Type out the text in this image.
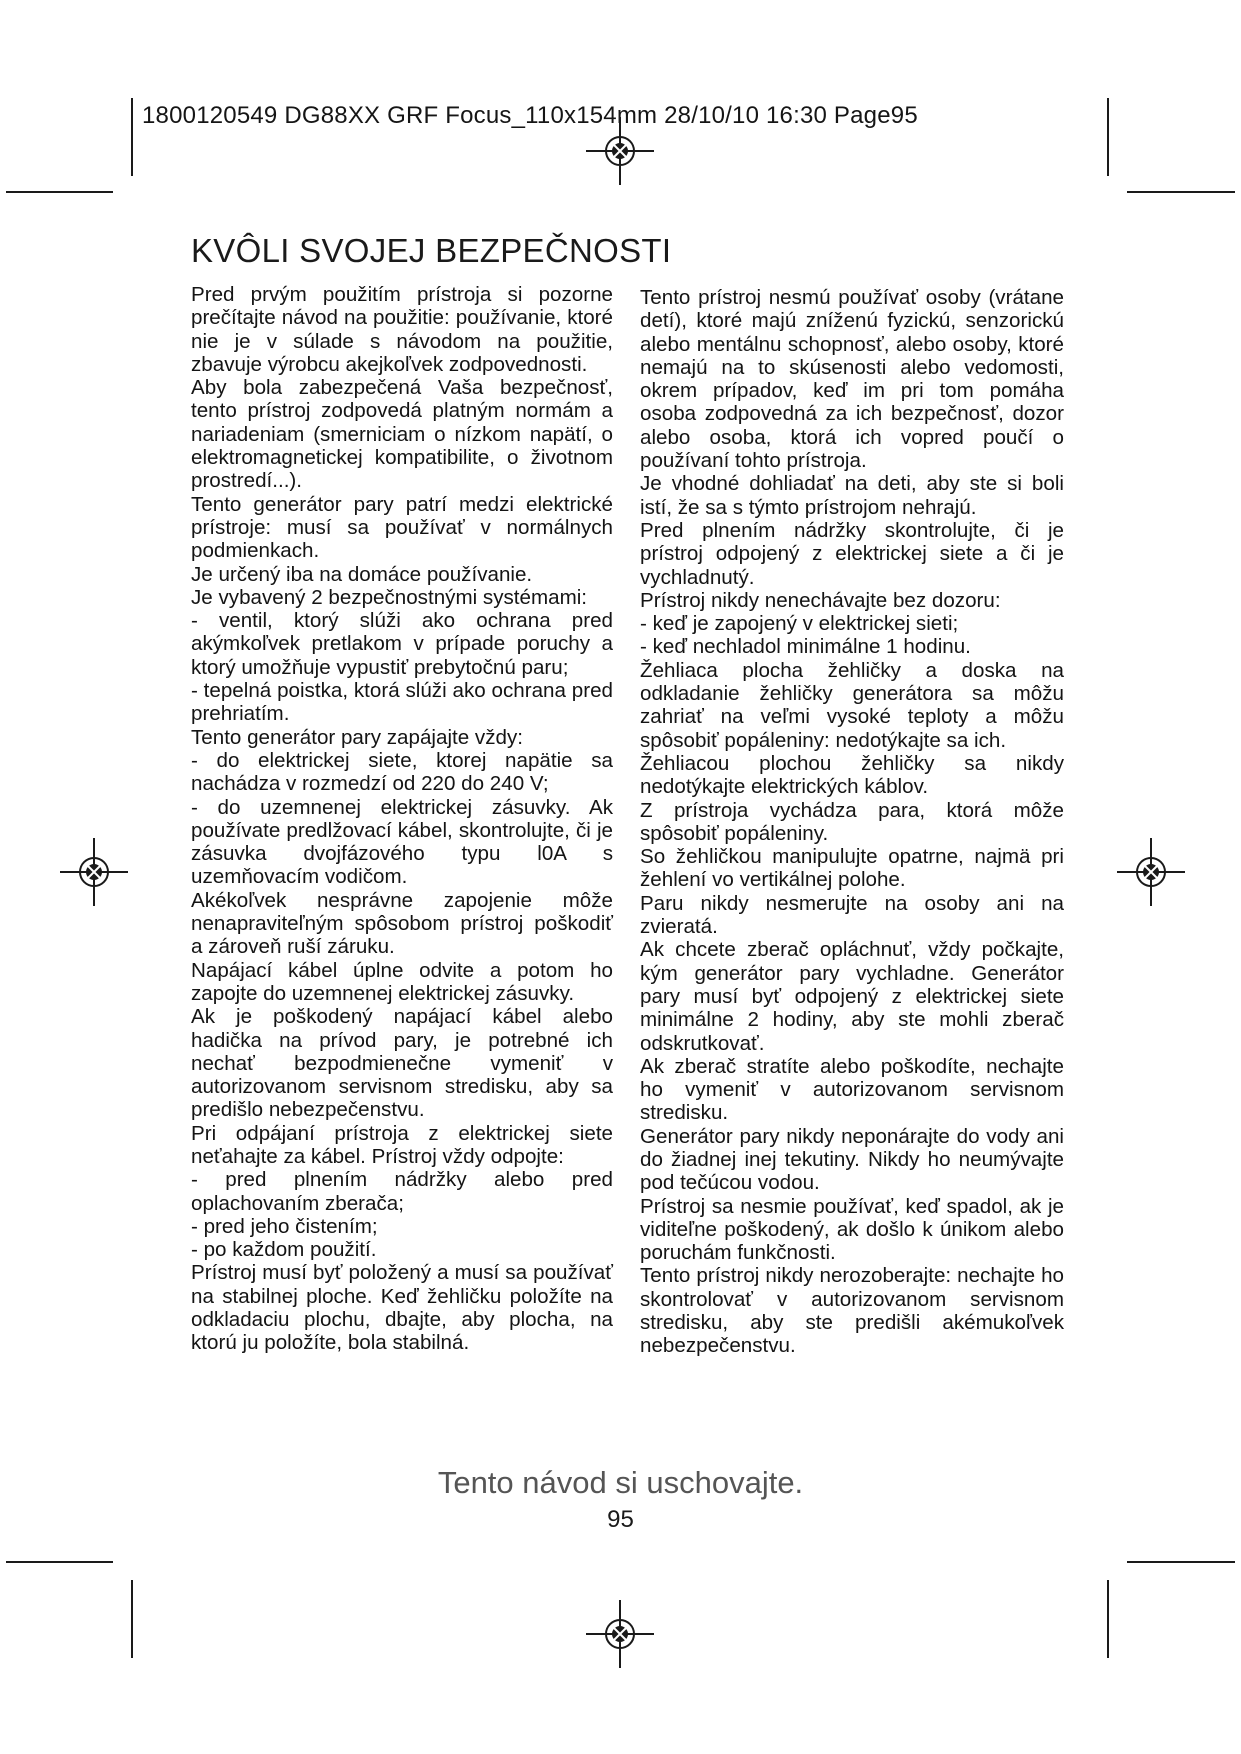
1800120549 DG88XX GRF Focus_110x154mm 28/10/10 16:30 Page95
KVÔLI SVOJEJ BEZPEČNOSTI

Pred prvým použitím prístroja si pozorne prečítajte návod na použitie: používanie, ktoré nie je v súlade s návodom na použitie, zbavuje výrobcu akejkoľvek zodpovednosti.

Aby bola zabezpečená Vaša bezpečnosť, tento prístroj zodpovedá platným normám a nariadeniam (smerniciam o nízkom napätí, o elektromagnetickej kompatibilite, o životnom prostredí...).

Tento generátor pary patrí medzi elektrické prístroje: musí sa používať v normálnych podmienkach.

Je určený iba na domáce používanie.

Je vybavený 2 bezpečnostnými systémami:

- ventil, ktorý slúži ako ochrana pred akýmkoľvek pretlakom v prípade poruchy a ktorý umožňuje vypustiť prebytočnú paru;

- tepelná poistka, ktorá slúži ako ochrana pred prehriatím.

Tento generátor pary zapájajte vždy:

- do elektrickej siete, ktorej napätie sa nachádza v rozmedzí od 220 do 240 V;

- do uzemnenej elektrickej zásuvky. Ak používate predlžovací kábel, skontrolujte, či je zásuvka dvojfázového typu l0A s uzemňovacím vodičom.

Akékoľvek nesprávne zapojenie môže nenapraviteľným spôsobom prístroj poškodiť a zároveň ruší záruku.

Napájací kábel úplne odvite a potom ho zapojte do uzemnenej elektrickej zásuvky.

Ak je poškodený napájací kábel alebo hadička na prívod pary, je potrebné ich nechať bezpodmienečne vymeniť v autorizovanom servisnom stredisku, aby sa predišlo nebezpečenstvu.

Pri odpájaní prístroja z elektrickej siete neťahajte za kábel. Prístroj vždy odpojte:

- pred plnením nádržky alebo pred oplachovaním zberača;

- pred jeho čistením;

- po každom použití.

Prístroj musí byť položený a musí sa používať na stabilnej ploche. Keď žehličku položíte na odkladaciu plochu, dbajte, aby plocha, na ktorú ju položíte, bola stabilná.

Tento prístroj nesmú používať osoby (vrátane detí), ktoré majú zníženú fyzickú, senzorickú alebo mentálnu schopnosť, alebo osoby, ktoré nemajú na to skúsenosti alebo vedomosti, okrem prípadov, keď im pri tom pomáha osoba zodpovedná za ich bezpečnosť, dozor alebo osoba, ktorá ich vopred poučí o používaní tohto prístroja.

Je vhodné dohliadať na deti, aby ste si boli istí, že sa s týmto prístrojom nehrajú.

Pred plnením nádržky skontrolujte, či je prístroj odpojený z elektrickej siete a či je vychladnutý.

Prístroj nikdy nenechávajte bez dozoru:

- keď je zapojený v elektrickej sieti;

- keď nechladol minimálne 1 hodinu.

Žehliaca plocha žehličky a doska na odkladanie žehličky generátora sa môžu zahriať na veľmi vysoké teploty a môžu spôsobiť popáleniny: nedotýkajte sa ich.

Žehliacou plochou žehličky sa nikdy nedotýkajte elektrických káblov.

Z prístroja vychádza para, ktorá môže spôsobiť popáleniny.

So žehličkou manipulujte opatrne, najmä pri žehlení vo vertikálnej polohe.

Paru nikdy nesmerujte na osoby ani na zvieratá.

Ak chcete zberač opláchnuť, vždy počkajte, kým generátor pary vychladne. Generátor pary musí byť odpojený z elektrickej siete minimálne 2 hodiny, aby ste mohli zberač odskrutkovať.

Ak zberač stratíte alebo poškodíte, nechajte ho vymeniť v autorizovanom servisnom stredisku.

Generátor pary nikdy neponárajte do vody ani do žiadnej inej tekutiny. Nikdy ho neumývajte pod tečúcou vodou.

Prístroj sa nesmie používať, keď spadol, ak je viditeľne poškodený, ak došlo k únikom alebo poruchám funkčnosti.

Tento prístroj nikdy nerozoberajte: nechajte ho skontrolovať v autorizovanom servisnom stredisku, aby ste predišli akémukoľvek nebezpečenstvu.

Tento návod si uschovajte.
95
